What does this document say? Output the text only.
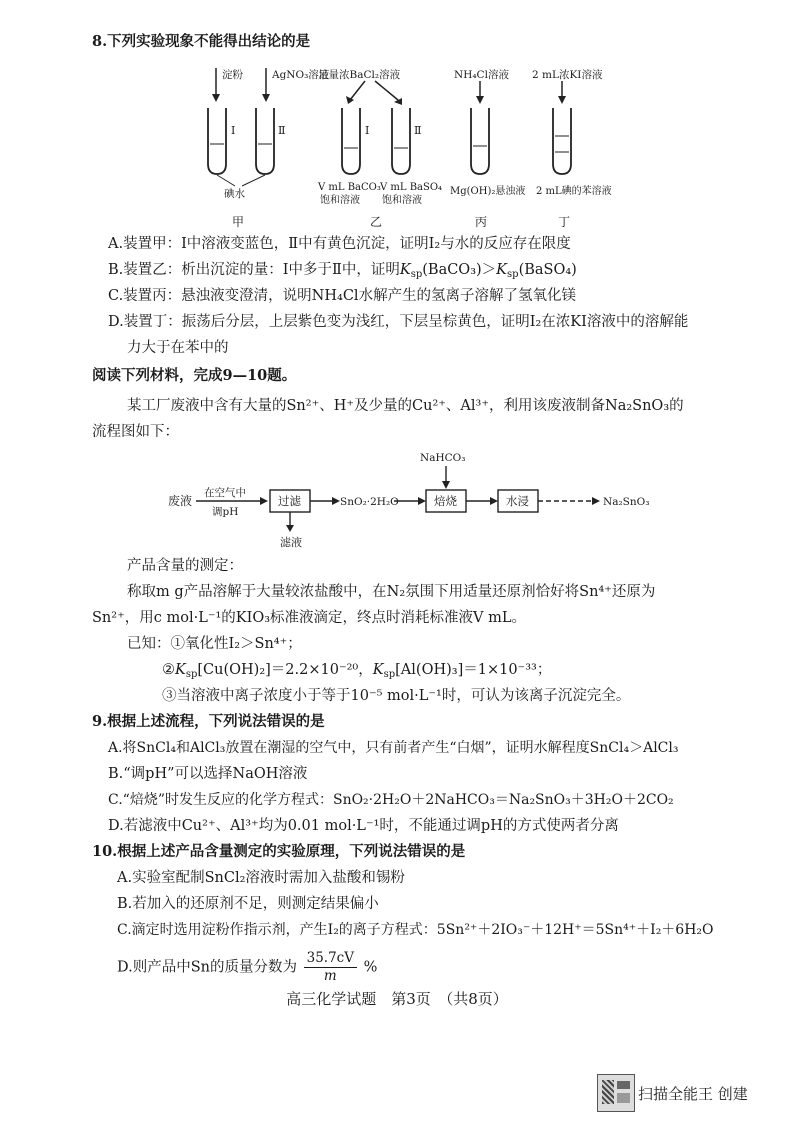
8.下列实验现象不能得出结论的是
淀粉	AgNO₃溶液
Ⅰ	Ⅱ
碘水
甲
足量浓BaCl₂溶液
Ⅰ	Ⅱ
V mL BaCO₃
饱和溶液
V mL BaSO₄
饱和溶液
乙
NH₄Cl溶液
Mg(OH)₂悬浊液
丙
2 mL浓KI溶液
2 mL碘的苯溶液
丁
A.装置甲：Ⅰ中溶液变蓝色，Ⅱ中有黄色沉淀，证明I₂与水的反应存在限度
B.装置乙：析出沉淀的量：Ⅰ中多于Ⅱ中，证明$K_{sp}(BaCO_3)>K_{sp}(BaSO_4)$
C.装置丙：悬浊液变澄清，说明NH₄Cl水解产生的氢离子溶解了氢氧化镁
D.装置丁：振荡后分层，上层紫色变为浅红，下层呈棕黄色，证明I₂在浓KI溶液中的溶解能
力大于在苯中的
阅读下列材料，完成9—10题。
某工厂废液中含有大量的Sn²⁺、H⁺及少量的Cu²⁺、Al³⁺，利用该废液制备Na₂SnO₃的
流程图如下：
废液
在空气中
调pH
过滤
滤液
SnO₂·2H₂O
NaHCO₃
焙烧	水浸	Na₂SnO₃
产品含量的测定：
称取m g产品溶解于大量较浓盐酸中，在N₂氛围下用适量还原剂恰好将Sn⁴⁺还原为
Sn²⁺，用c mol·L⁻¹的KIO₃标准液滴定，终点时消耗标准液V mL。
已知：①氧化性I₂＞Sn⁴⁺；
$②K_{sp}[Cu(OH)_2]=2.2\times 10^{-20}$，$K_{sp}[Al(OH)_3]=1\times 10^{-33}$；
③当溶液中离子浓度小于等于10⁻⁵ mol·L⁻¹时，可认为该离子沉淀完全。
9.根据上述流程，下列说法错误的是
A.将SnCl₄和AlCl₃放置在潮湿的空气中，只有前者产生“白烟”，证明水解程度SnCl₄＞AlCl₃
B.“调pH”可以选择NaOH溶液
C.“焙烧”时发生反应的化学方程式：SnO₂·2H₂O＋2NaHCO₃＝Na₂SnO₃＋3H₂O＋2CO₂
D.若滤液中Cu²⁺、Al³⁺均为0.01 mol·L⁻¹时，不能通过调pH的方式使两者分离
10.根据上述产品含量测定的实验原理，下列说法错误的是
A.实验室配制SnCl₂溶液时需加入盐酸和锡粉
B.若加入的还原剂不足，则测定结果偏小
C.滴定时选用淀粉作指示剂，产生I₂的离子方程式：5Sn²⁺＋2IO₃⁻＋12H⁺＝5Sn⁴⁺＋I₂＋6H₂O
D.则产品中Sn的质量分数为 $\frac{35.7cV}{m}$ %
高三化学试题　第3页　（共8页）
扫描全能王 创建
